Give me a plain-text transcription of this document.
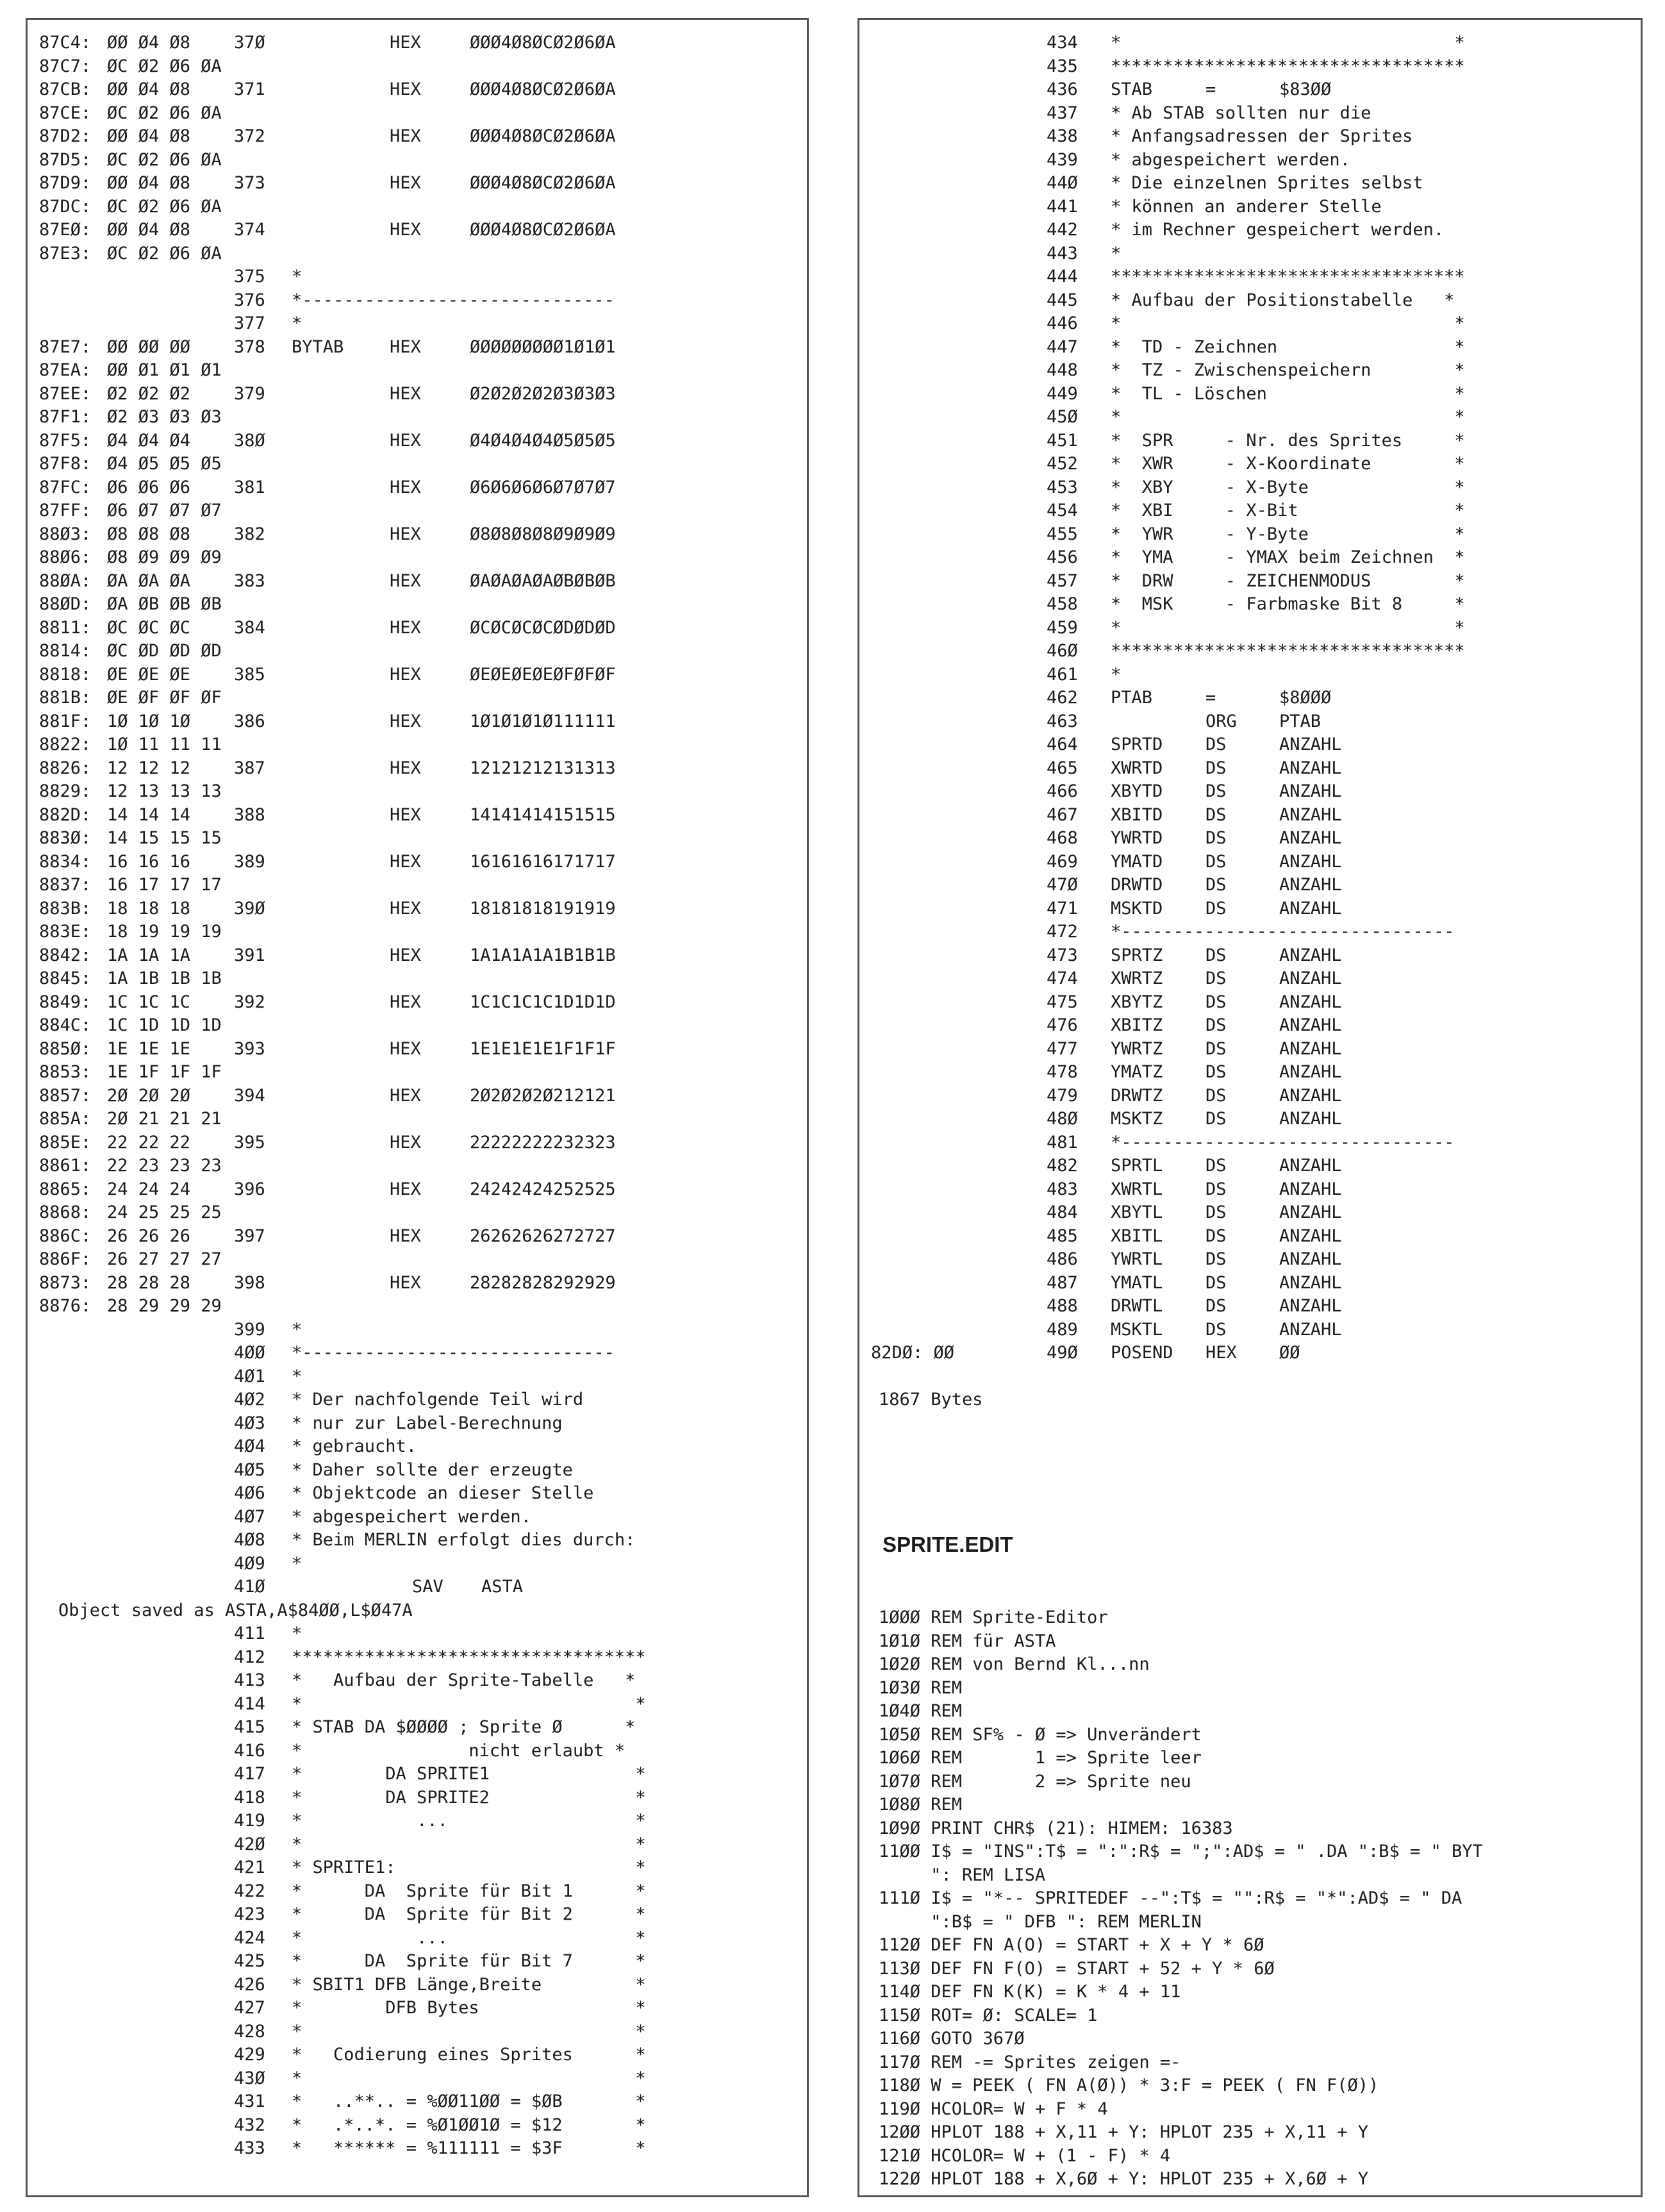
87C4: ØØ Ø4 Ø8	37Ø	HEX	ØØØ4Ø8ØCØ2Ø6ØA
87C7: ØC Ø2 Ø6 ØA
87CB: ØØ Ø4 Ø8	371	HEX	ØØØ4Ø8ØCØ2Ø6ØA
87CE: ØC Ø2 Ø6 ØA
87D2: ØØ Ø4 Ø8	372	HEX	ØØØ4Ø8ØCØ2Ø6ØA
87D5: ØC Ø2 Ø6 ØA
87D9: ØØ Ø4 Ø8	373	HEX	ØØØ4Ø8ØCØ2Ø6ØA
87DC: ØC Ø2 Ø6 ØA
87EØ: ØØ Ø4 Ø8	374	HEX	ØØØ4Ø8ØCØ2Ø6ØA
87E3: ØC Ø2 Ø6 ØA
375 *
376 *------------------------------
377 *
87E7: ØØ ØØ ØØ	378 BYTAB	HEX	ØØØØØØØØØ1Ø1Ø1
87EA: ØØ Ø1 Ø1 Ø1
87EE: Ø2 Ø2 Ø2	379	HEX	Ø2Ø2Ø2Ø2Ø3Ø3Ø3
87F1: Ø2 Ø3 Ø3 Ø3
87F5: Ø4 Ø4 Ø4	38Ø	HEX	Ø4Ø4Ø4Ø4Ø5Ø5Ø5
87F8: Ø4 Ø5 Ø5 Ø5
87FC: Ø6 Ø6 Ø6	381	HEX	Ø6Ø6Ø6Ø6Ø7Ø7Ø7
87FF: Ø6 Ø7 Ø7 Ø7
88Ø3: Ø8 Ø8 Ø8	382	HEX	Ø8Ø8Ø8Ø8Ø9Ø9Ø9
88Ø6: Ø8 Ø9 Ø9 Ø9
88ØA: ØA ØA ØA	383	HEX	ØAØAØAØAØBØBØB
88ØD: ØA ØB ØB ØB
8811: ØC ØC ØC	384	HEX	ØCØCØCØCØDØDØD
8814: ØC ØD ØD ØD
8818: ØE ØE ØE	385	HEX	ØEØEØEØEØFØFØF
881B: ØE ØF ØF ØF
881F: 1Ø 1Ø 1Ø	386	HEX	1Ø1Ø1Ø1Ø111111
8822: 1Ø 11 11 11
8826: 12 12 12	387	HEX	12121212131313
8829: 12 13 13 13
882D: 14 14 14	388	HEX	14141414151515
883Ø: 14 15 15 15
8834: 16 16 16	389	HEX	16161616171717
8837: 16 17 17 17
883B: 18 18 18	39Ø	HEX	18181818191919
883E: 18 19 19 19
8842: 1A 1A 1A	391	HEX	1A1A1A1A1B1B1B
8845: 1A 1B 1B 1B
8849: 1C 1C 1C	392	HEX	1C1C1C1C1D1D1D
884C: 1C 1D 1D 1D
885Ø: 1E 1E 1E	393	HEX	1E1E1E1E1F1F1F
8853: 1E 1F 1F 1F
8857: 2Ø 2Ø 2Ø	394	HEX	2Ø2Ø2Ø2Ø212121
885A: 2Ø 21 21 21
885E: 22 22 22	395	HEX	22222222232323
8861: 22 23 23 23
8865: 24 24 24	396	HEX	24242424252525
8868: 24 25 25 25
886C: 26 26 26	397	HEX	26262626272727
886F: 26 27 27 27
8873: 28 28 28	398	HEX	28282828292929
8876: 28 29 29 29
399 *
4ØØ *------------------------------
4Ø1 *
4Ø2 * Der nachfolgende Teil wird
4Ø3 * nur zur Label-Berechnung
4Ø4 * gebraucht.
4Ø5 * Daher sollte der erzeugte
4Ø6 * Objektcode an dieser Stelle
4Ø7 * abgespeichert werden.
4Ø8 * Beim MERLIN erfolgt dies durch:
4Ø9 *
41Ø	SAV ASTA
Object saved as ASTA,A$84ØØ,L$Ø47A
411 *
412 **********************************
413 *   Aufbau der Sprite-Tabelle   *
414 *                                *
415 * STAB DA $ØØØØ ; Sprite Ø      *
416 *                nicht erlaubt *
417 *        DA SPRITE1              *
418 *        DA SPRITE2              *
419 *           ...                  *
42Ø *                                *
421 * SPRITE1:                       *
422 *      DA  Sprite für Bit 1      *
423 *      DA  Sprite für Bit 2      *
424 *           ...                  *
425 *      DA  Sprite für Bit 7      *
426 * SBIT1 DFB Länge,Breite         *
427 *        DFB Bytes               *
428 *                                *
429 *   Codierung eines Sprites      *
43Ø *                                *
431 *   ..**.. = %ØØ11ØØ = $ØB       *
432 *   .*..*. = %Ø1ØØ1Ø = $12       *
433 *   ****** = %111111 = $3F       *

1867 Bytes

SPRITE.EDIT
434 *                                *
435 **********************************
436 STAB	=	$83ØØ
437 * Ab STAB sollten nur die
438 * Anfangsadressen der Sprites
439 * abgespeichert werden.
44Ø * Die einzelnen Sprites selbst
441 * können an anderer Stelle
442 * im Rechner gespeichert werden.
443 *
444 **********************************
445 * Aufbau der Positionstabelle   *
446 *                                *
447 *  TD - Zeichnen                 *
448 *  TZ - Zwischenspeichern        *
449 *  TL - Löschen                  *
45Ø *                                *
451 *  SPR     - Nr. des Sprites     *
452 *  XWR     - X-Koordinate        *
453 *  XBY     - X-Byte              *
454 *  XBI     - X-Bit               *
455 *  YWR     - Y-Byte              *
456 *  YMA     - YMAX beim Zeichnen  *
457 *  DRW     - ZEICHENMODUS        *
458 *  MSK     - Farbmaske Bit 8     *
459 *                                *
46Ø **********************************
461 *
462 PTAB	=	$8ØØØ
463	ORG PTAB
464 SPRTD DS	ANZAHL
465 XWRTD DS	ANZAHL
466 XBYTD DS	ANZAHL
467 XBITD DS	ANZAHL
468 YWRTD DS	ANZAHL
469 YMATD DS	ANZAHL
47Ø DRWTD DS	ANZAHL
471 MSKTD DS	ANZAHL
472 *--------------------------------
473 SPRTZ DS	ANZAHL
474 XWRTZ DS	ANZAHL
475 XBYTZ DS	ANZAHL
476 XBITZ DS	ANZAHL
477 YWRTZ DS	ANZAHL
478 YMATZ DS	ANZAHL
479 DRWTZ DS	ANZAHL
48Ø MSKTZ DS	ANZAHL
481 *--------------------------------
482 SPRTL DS	ANZAHL
483 XWRTL DS	ANZAHL
484 XBYTL DS	ANZAHL
485 XBITL DS	ANZAHL
486 YWRTL DS	ANZAHL
487 YMATL DS	ANZAHL
488 DRWTL DS	ANZAHL
489 MSKTL DS	ANZAHL
82DØ: ØØ	49Ø POSEND HEX ØØ
1ØØØ REM Sprite-Editor
1Ø1Ø REM für ASTA
1Ø2Ø REM von Bernd Kl...nn
1Ø3Ø REM
1Ø4Ø REM
1Ø5Ø REM SF% - Ø => Unverändert
1Ø6Ø REM       1 => Sprite leer
1Ø7Ø REM       2 => Sprite neu
1Ø8Ø REM
1Ø9Ø PRINT CHR$ (21): HIMEM: 16383
11ØØ I$ = "INS":T$ = ":":R$ = ";":AD$ = " .DA ":B$ = " BYT
": REM LISA
111Ø I$ = "*-- SPRITEDEF --":T$ = "":R$ = "*":AD$ = " DA
":B$ = " DFB ": REM MERLIN
112Ø DEF FN A(O) = START + X + Y * 6Ø
113Ø DEF FN F(O) = START + 52 + Y * 6Ø
114Ø DEF FN K(K) = K * 4 + 11
115Ø ROT= Ø: SCALE= 1
116Ø GOTO 367Ø
117Ø REM -= Sprites zeigen =-
118Ø W = PEEK ( FN A(Ø)) * 3:F = PEEK ( FN F(Ø))
119Ø HCOLOR= W + F * 4
12ØØ HPLOT 188 + X,11 + Y: HPLOT 235 + X,11 + Y
121Ø HCOLOR= W + (1 - F) * 4
122Ø HPLOT 188 + X,6Ø + Y: HPLOT 235 + X,6Ø + Y
